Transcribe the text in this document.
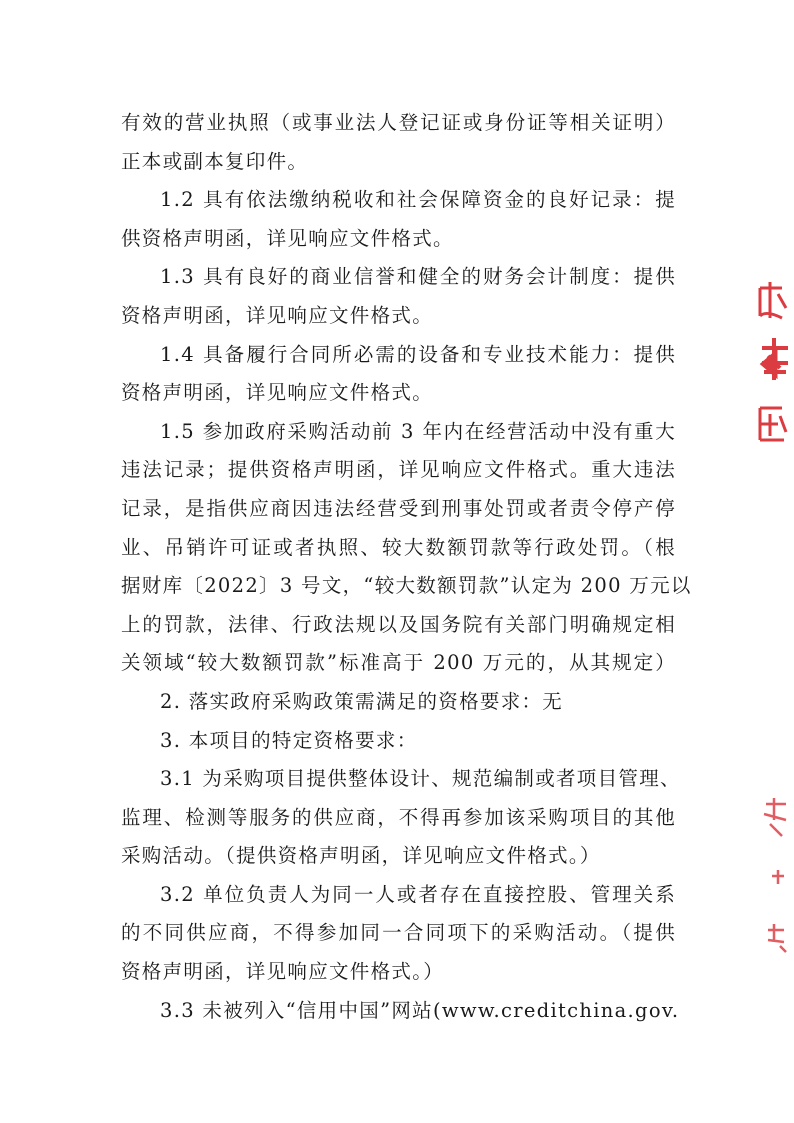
有效的营业执照（或事业法人登记证或身份证等相关证明）
正本或副本复印件。
1.2 具有依法缴纳税收和社会保障资金的良好记录：提
供资格声明函，详见响应文件格式。
1.3 具有良好的商业信誉和健全的财务会计制度：提供
资格声明函，详见响应文件格式。
1.4 具备履行合同所必需的设备和专业技术能力：提供
资格声明函，详见响应文件格式。
1.5 参加政府采购活动前 3 年内在经营活动中没有重大
违法记录；提供资格声明函，详见响应文件格式。重大违法
记录，是指供应商因违法经营受到刑事处罚或者责令停产停
业、吊销许可证或者执照、较大数额罚款等行政处罚。（根
据财库〔2022〕3 号文，“较大数额罚款”认定为 200 万元以
上的罚款，法律、行政法规以及国务院有关部门明确规定相
关领域“较大数额罚款”标准高于 200 万元的，从其规定）
2. 落实政府采购政策需满足的资格要求：无
3. 本项目的特定资格要求：
3.1 为采购项目提供整体设计、规范编制或者项目管理、
监理、检测等服务的供应商，不得再参加该采购项目的其他
采购活动。（提供资格声明函，详见响应文件格式。）
3.2 单位负责人为同一人或者存在直接控股、管理关系
的不同供应商，不得参加同一合同项下的采购活动。（提供
资格声明函，详见响应文件格式。）
3.3 未被列入“信用中国”网站(www.creditchina.gov.
